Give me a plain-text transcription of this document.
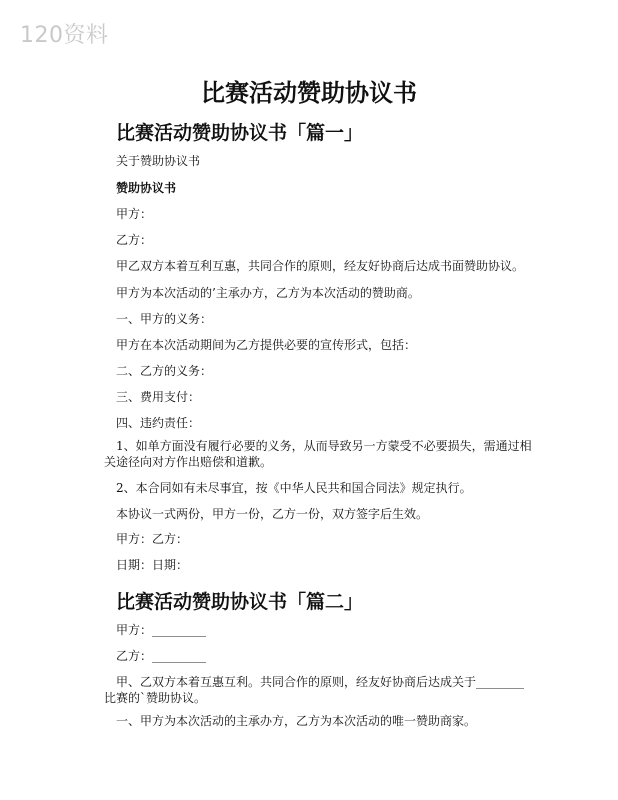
120资料
比赛活动赞助协议书
比赛活动赞助协议书「篇一」
关于赞助协议书
赞助协议书
甲方：
乙方：
甲乙双方本着互利互惠，共同合作的原则，经友好协商后达成书面赞助协议。
甲方为本次活动的’主承办方，乙方为本次活动的赞助商。
一、甲方的义务：
甲方在本次活动期间为乙方提供必要的宣传形式，包括：
二、乙方的义务：
三、费用支付：
四、违约责任：
1、如单方面没有履行必要的义务，从而导致另一方蒙受不必要损失，需通过相关途径向对方作出赔偿和道歉。
2、本合同如有未尽事宜，按《中华人民共和国合同法》规定执行。
本协议一式两份，甲方一份，乙方一份，双方签字后生效。
甲方：乙方：
日期：日期：
比赛活动赞助协议书「篇二」
甲方：_________
乙方：_________
甲、乙双方本着互惠互利。共同合作的原则，经友好协商后达成关于________比赛的`赞助协议。
一、甲方为本次活动的主承办方，乙方为本次活动的唯一赞助商家。
